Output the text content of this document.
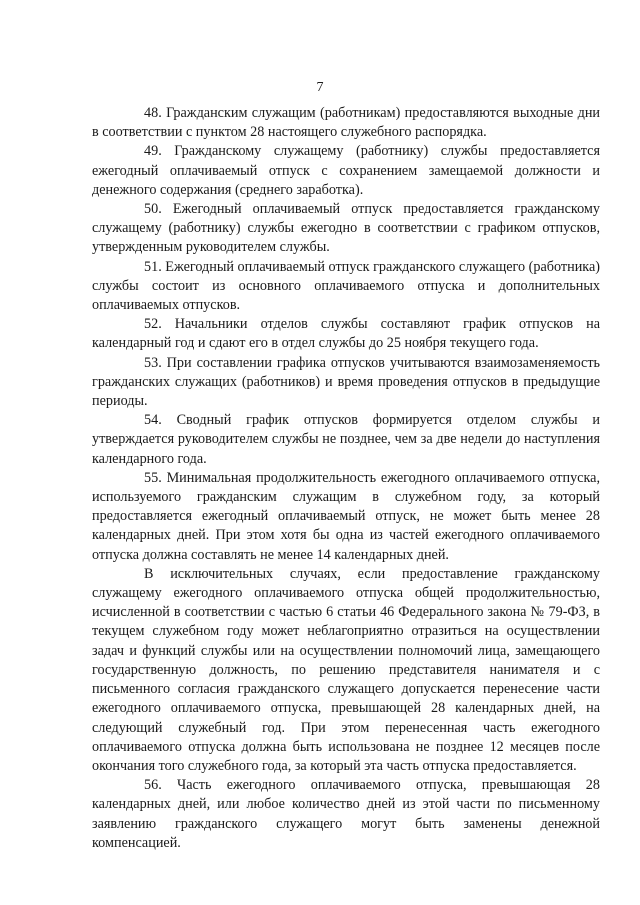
7

48. Гражданским служащим (работникам) предоставляются выходные дни в соответствии с пунктом 28 настоящего служебного распорядка.

49. Гражданскому служащему (работнику) службы предоставляется ежегодный оплачиваемый отпуск с сохранением замещаемой должности и денежного содержания (среднего заработка).

50. Ежегодный оплачиваемый отпуск предоставляется гражданскому служащему (работнику) службы ежегодно в соответствии с графиком отпусков, утвержденным руководителем службы.

51. Ежегодный оплачиваемый отпуск гражданского служащего (работника) службы состоит из основного оплачиваемого отпуска и дополнительных оплачиваемых отпусков.

52. Начальники отделов службы составляют график отпусков на календарный год и сдают его в отдел службы до 25 ноября текущего года.

53. При составлении графика отпусков учитываются взаимозаменяемость гражданских служащих (работников) и время проведения отпусков в предыдущие периоды.

54. Сводный график отпусков формируется отделом службы и утверждается руководителем службы не позднее, чем за две недели до наступления календарного года.

55. Минимальная продолжительность ежегодного оплачиваемого отпуска, используемого гражданским служащим в служебном году, за который предоставляется ежегодный оплачиваемый отпуск, не может быть менее 28 календарных дней. При этом хотя бы одна из частей ежегодного оплачиваемого отпуска должна составлять не менее 14 календарных дней.

В исключительных случаях, если предоставление гражданскому служащему ежегодного оплачиваемого отпуска общей продолжительностью, исчисленной в соответствии с частью 6 статьи 46 Федерального закона № 79-ФЗ, в текущем служебном году может неблагоприятно отразиться на осуществлении задач и функций службы или на осуществлении полномочий лица, замещающего государственную должность, по решению представителя нанимателя и с письменного согласия гражданского служащего допускается перенесение части ежегодного оплачиваемого отпуска, превышающей 28 календарных дней, на следующий служебный год. При этом перенесенная часть ежегодного оплачиваемого отпуска должна быть использована не позднее 12 месяцев после окончания того служебного года, за который эта часть отпуска предоставляется.

56. Часть ежегодного оплачиваемого отпуска, превышающая 28 календарных дней, или любое количество дней из этой части по письменному заявлению гражданского служащего могут быть заменены денежной компенсацией.
